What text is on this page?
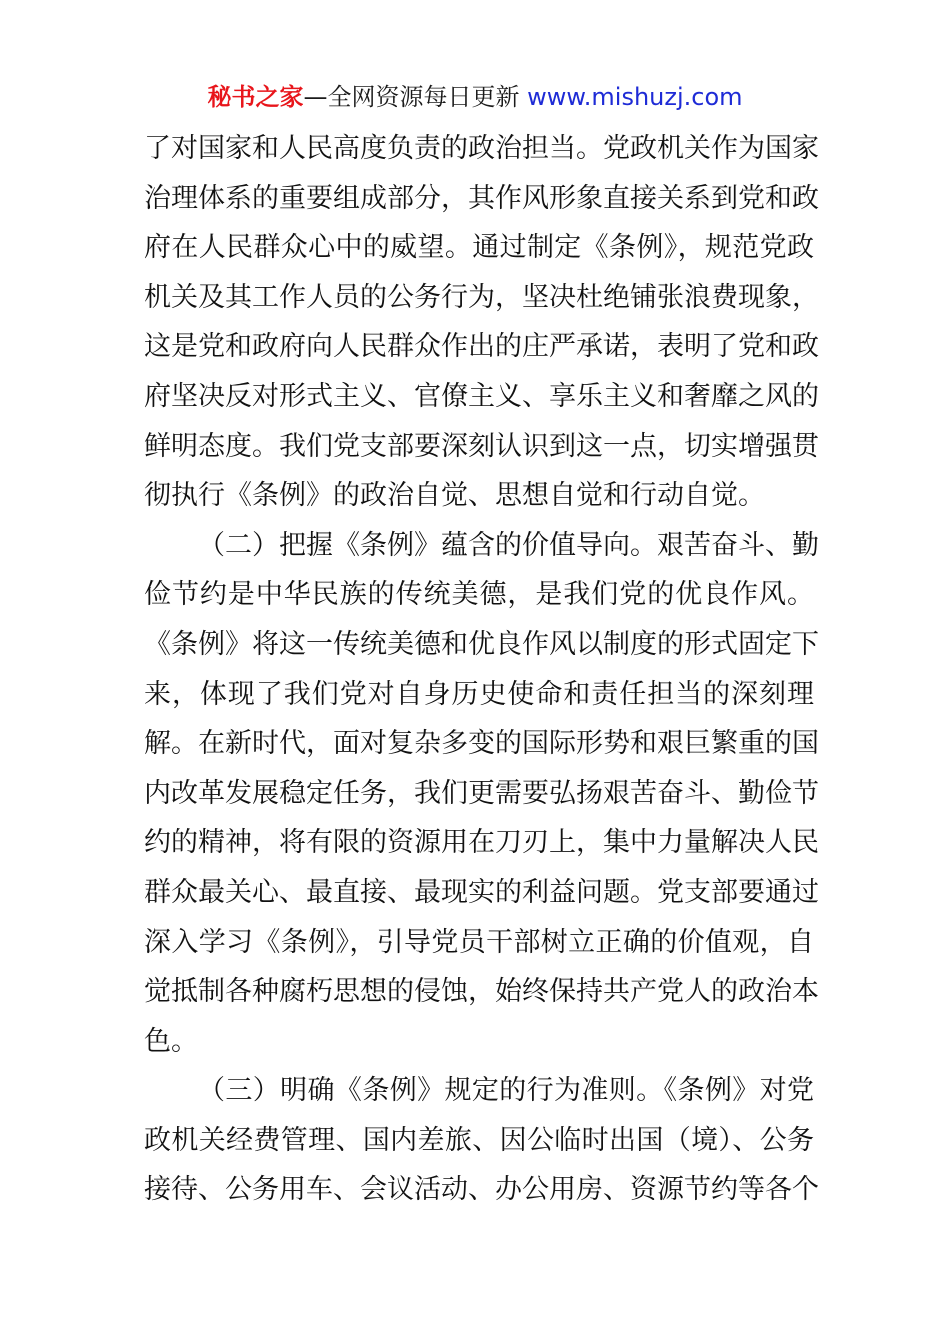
秘书之家—全网资源每日更新 www.mishuzj.com
了对国家和人民高度负责的政治担当。党政机关作为国家
治理体系的重要组成部分，其作风形象直接关系到党和政
府在人民群众心中的威望。通过制定《条例》，规范党政
机关及其工作人员的公务行为，坚决杜绝铺张浪费现象，
这是党和政府向人民群众作出的庄严承诺，表明了党和政
府坚决反对形式主义、官僚主义、享乐主义和奢靡之风的
鲜明态度。我们党支部要深刻认识到这一点，切实增强贯
彻执行《条例》的政治自觉、思想自觉和行动自觉。
（二）把握《条例》蕴含的价值导向。艰苦奋斗、勤
俭节约是中华民族的传统美德，是我们党的优良作风。
《条例》将这一传统美德和优良作风以制度的形式固定下
来，体现了我们党对自身历史使命和责任担当的深刻理
解。在新时代，面对复杂多变的国际形势和艰巨繁重的国
内改革发展稳定任务，我们更需要弘扬艰苦奋斗、勤俭节
约的精神，将有限的资源用在刀刃上，集中力量解决人民
群众最关心、最直接、最现实的利益问题。党支部要通过
深入学习《条例》，引导党员干部树立正确的价值观，自
觉抵制各种腐朽思想的侵蚀，始终保持共产党人的政治本
色。
（三）明确《条例》规定的行为准则。《条例》对党
政机关经费管理、国内差旅、因公临时出国（境）、公务
接待、公务用车、会议活动、办公用房、资源节约等各个
